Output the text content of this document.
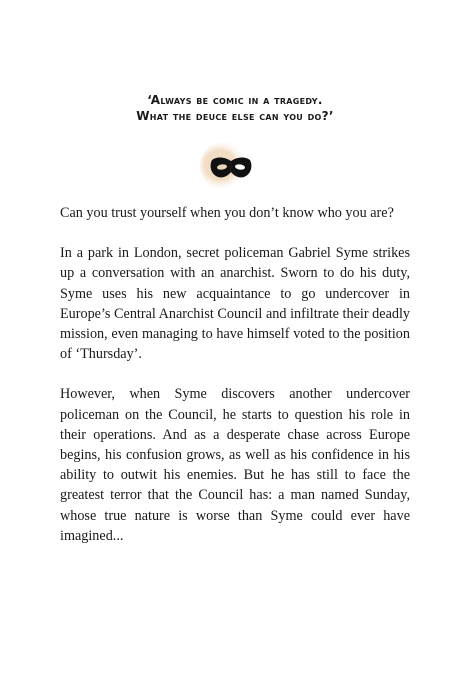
‘Always be comic in a tragedy.
What the deuce else can you do?’

Can you trust yourself when you don’t know who you are?

In a park in London, secret policeman Gabriel Syme strikes up a conversation with an anarchist. Sworn to do his duty, Syme uses his new acquaintance to go undercover in Europe’s Central Anarchist Council and infiltrate their deadly mission, even managing to have himself voted to the position of ‘Thursday’.

However, when Syme discovers another undercover policeman on the Council, he starts to question his role in their operations. And as a desperate chase across Europe begins, his confusion grows, as well as his confidence in his ability to outwit his enemies. But he has still to face the greatest terror that the Council has: a man named Sunday, whose true nature is worse than Syme could ever have imagined...
